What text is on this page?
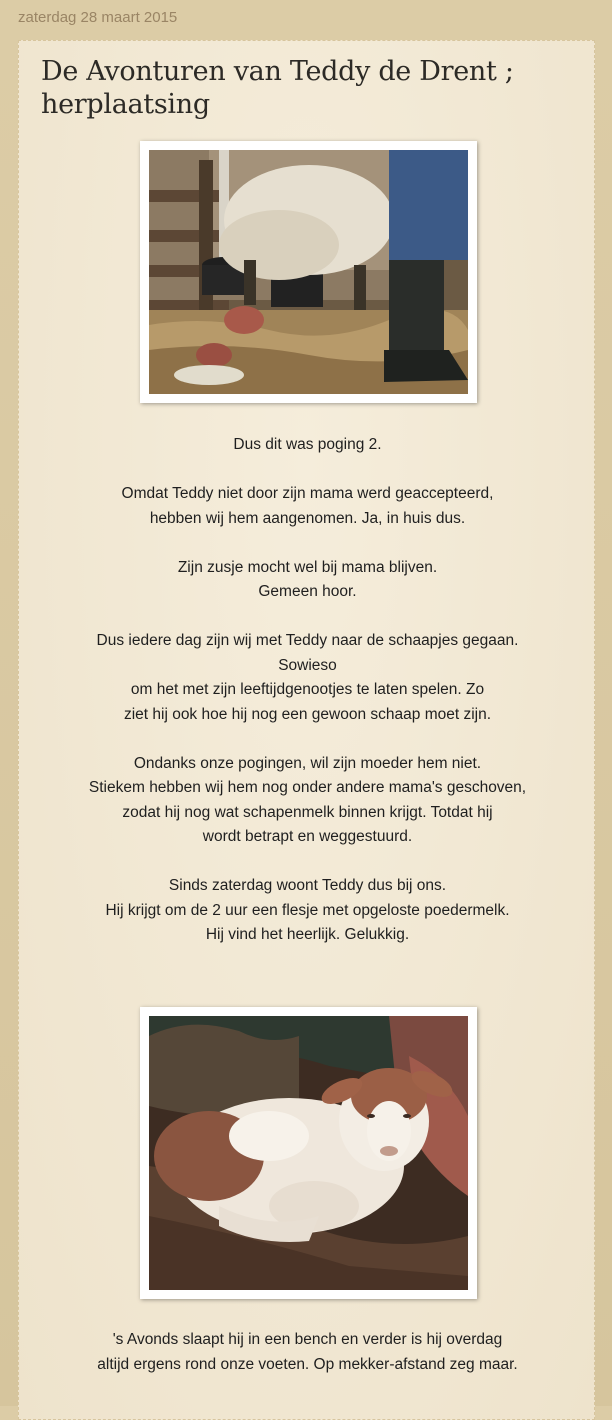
zaterdag 28 maart 2015
De Avonturen van Teddy de Drent ; herplaatsing

Dus dit was poging 2.

Omdat Teddy niet door zijn mama werd geaccepteerd,
hebben wij hem aangenomen. Ja, in huis dus.

Zijn zusje mocht wel bij mama blijven.
Gemeen hoor.

Dus iedere dag zijn wij met Teddy naar de schaapjes gegaan.
Sowieso
om het met zijn leeftijdgenootjes te laten spelen. Zo
ziet hij ook hoe hij nog een gewoon schaap moet zijn.

Ondanks onze pogingen, wil zijn moeder hem niet.
Stiekem hebben wij hem nog onder andere mama's geschoven,
zodat hij nog wat schapenmelk binnen krijgt. Totdat hij
wordt betrapt en weggestuurd.

Sinds zaterdag woont Teddy dus bij ons.
Hij krijgt om de 2 uur een flesje met opgeloste poedermelk.
Hij vind het heerlijk. Gelukkig.

's Avonds slaapt hij in een bench en verder is hij overdag
altijd ergens rond onze voeten. Op mekker-afstand zeg maar.
